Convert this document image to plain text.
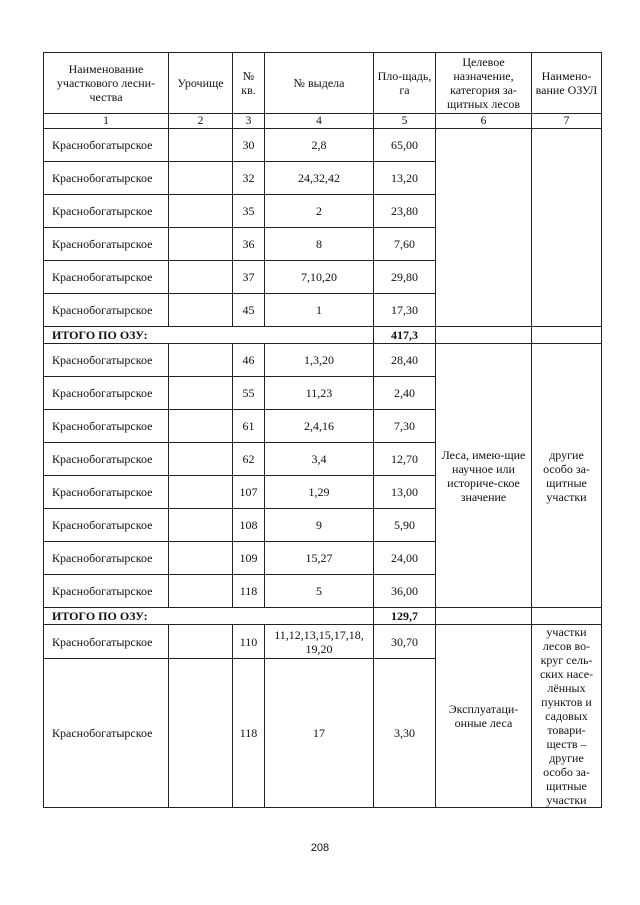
Наименование участкового лесни-чества	Урочище	№ кв.	№ выдела	Пло-щадь, га	Целевое назначение, категория за-щитных лесов	Наимено-вание ОЗУЛ
1	2	3	4	5	6	7
Краснобогатырское		30	2,8	65,00		
Краснобогатырское		32	24,32,42	13,20		
Краснобогатырское		35	2	23,80		
Краснобогатырское		36	8	7,60		
Краснобогатырское		37	7,10,20	29,80		
Краснобогатырское		45	1	17,30		
ИТОГО ПО ОЗУ:				417,3		
Краснобогатырское		46	1,3,20	28,40	Леса, имею-щие научное или историче-ское значение	другие особо за-щитные участки
Краснобогатырское		55	11,23	2,40		
Краснобогатырское		61	2,4,16	7,30		
Краснобогатырское		62	3,4	12,70		
Краснобогатырское		107	1,29	13,00		
Краснобогатырское		108	9	5,90		
Краснобогатырское		109	15,27	24,00		
Краснобогатырское		118	5	36,00		
ИТОГО ПО ОЗУ:				129,7		
Краснобогатырское		110	11,12,13,15,17,18, 19,20	30,70	Эксплуатаци-онные леса	участки лесов во-круг сель-ских насе-лённых пунктов и садовых товари-ществ – другие особо за-щитные участки
Краснобогатырское		118	17	3,30		
208
